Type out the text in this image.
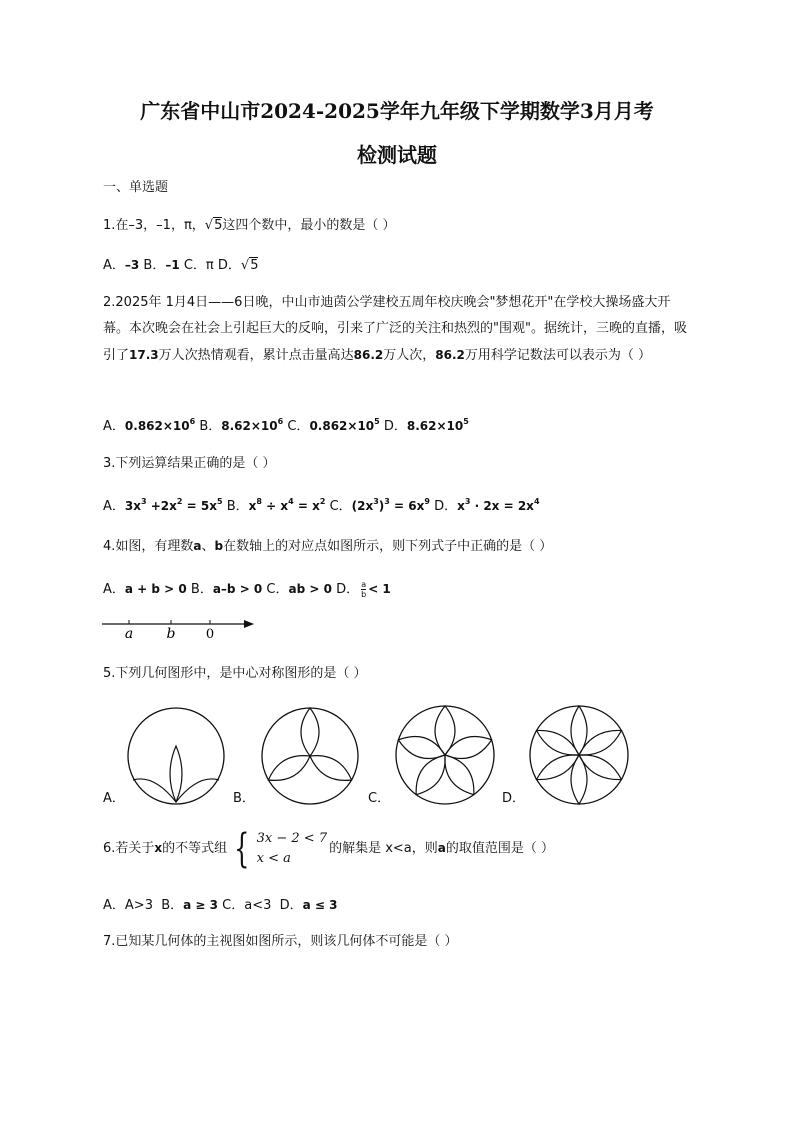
广东省中山市2024-2025学年九年级下学期数学3月月考
检测试题
一、单选题
1.在–3，–1，π，√5这四个数中，最小的数是（ ）
A．–3 B．–1 C．π D．√5
2.2025年 1月4日——6日晚，中山市迪茵公学建校五周年校庆晚会"梦想花开"在学校大操场盛大开幕。本次晚会在社会上引起巨大的反响，引来了广泛的关注和热烈的"围观"。据统计，三晚的直播，吸引了17.3万人次热情观看，累计点击量高达86.2万人次，86.2万用科学记数法可以表示为（ ）
A．$0.862\times 10^6$ B．$8.62\times 10^6$ C．$0.862\times 10^5$ D．$8.62\times 10^5$
3.下列运算结果正确的是（ ）
A．$3x^3 +2x^2 = 5x^5$ B．$x^8 \div x^4 = x^2$ C．$(2x^3)^3 = 6x^9$ D．$x^3 \cdot 2x = 2x^4$
4.如图，有理数a、b在数轴上的对应点如图所示，则下列式子中正确的是（ ）
A．a + b > 0 B．a–b > 0 C．ab > 0 D． $\frac{a}{b} < 1$
a b 0
5.下列几何图形中，是中心对称图形的是（ ）
A．	B．	C．	D．
6.若关于x的不等式组 { 3x − 2 < 7
x < a
的解集是 x<a，则a的取值范围是（ ）
A．A>3 B．a ≥ 3 C．a<3 D．a ≤ 3
7.已知某几何体的主视图如图所示，则该几何体不可能是（ ）
